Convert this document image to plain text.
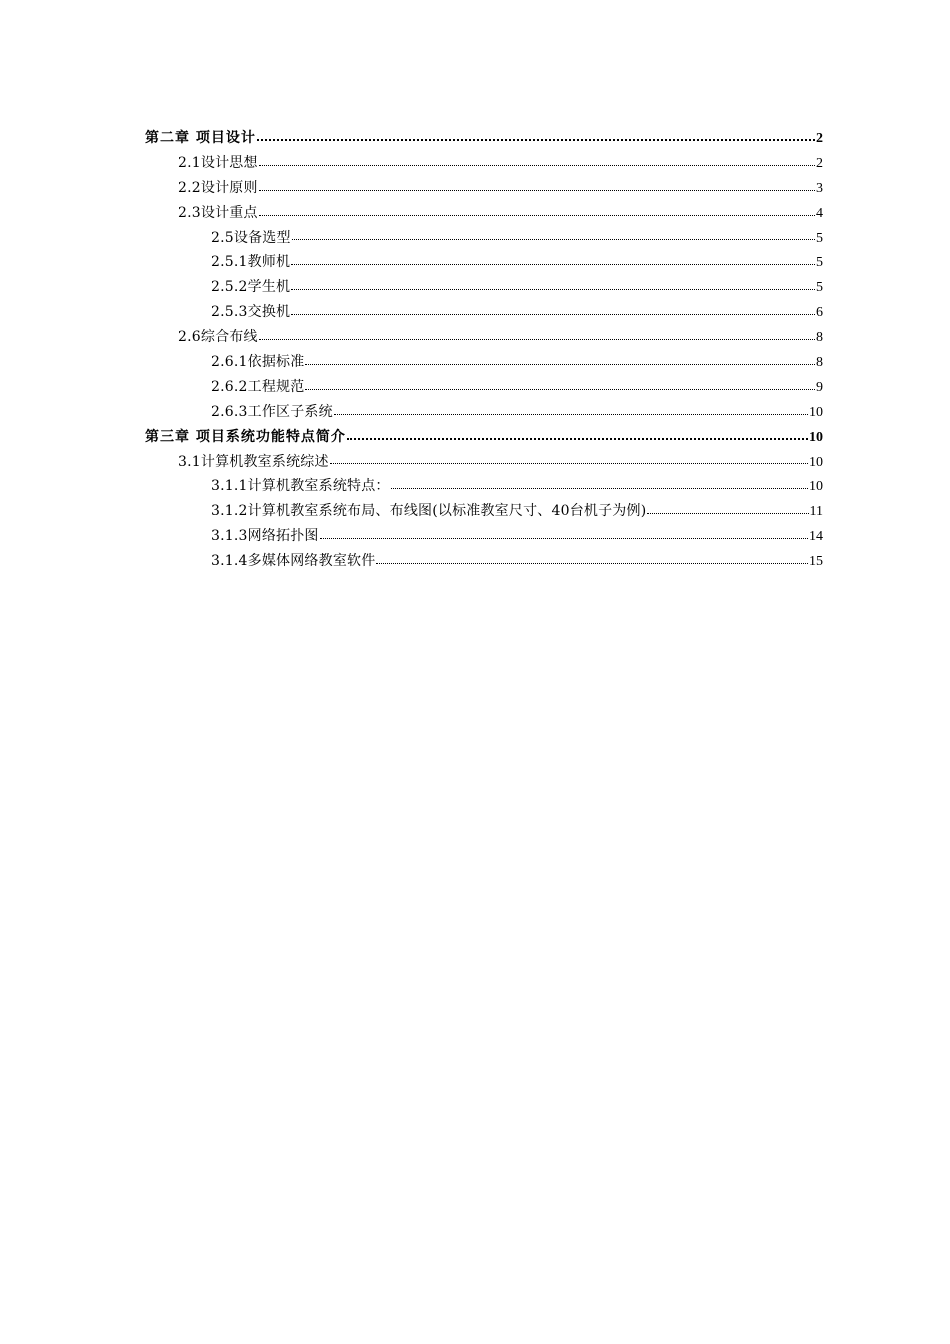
第二章 项目设计	2
2.1设计思想	2
2.2设计原则	3
2.3设计重点	4
2.5设备选型	5
2.5.1教师机	5
2.5.2学生机	5
2.5.3交换机	6
2.6综合布线	8
2.6.1依据标准	8
2.6.2工程规范	9
2.6.3工作区子系统	10
第三章 项目系统功能特点简介	10
3.1计算机教室系统综述	10
3.1.1计算机教室系统特点：	10
3.1.2计算机教室系统布局、布线图(以标准教室尺寸、40台机子为例)	11
3.1.3网络拓扑图	14
3.1.4多媒体网络教室软件	15
